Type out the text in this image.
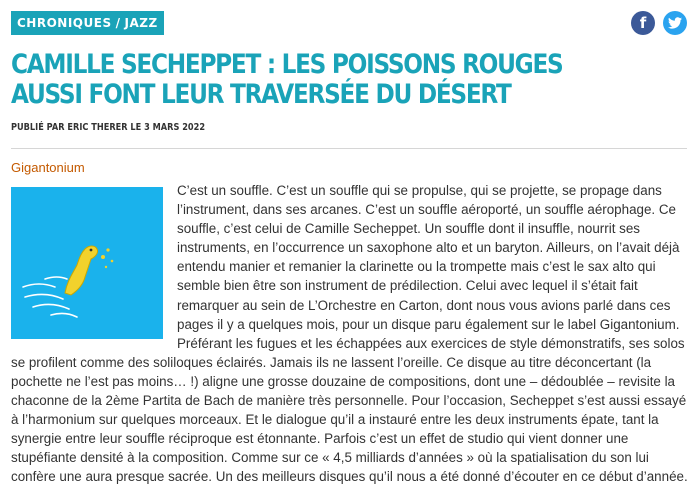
CHRONIQUES / JAZZ	f
CAMILLE SECHEPPET : LES POISSONS ROUGES AUSSI FONT LEUR TRAVERSÉE DU DÉSERT
PUBLIÉ PAR ERIC THERER LE 3 MARS 2022
Gigantonium

C’est un souffle. C’est un souffle qui se propulse, qui se projette, se propage dans l’instrument, dans ses arcanes. C’est un souffle aéroporté, un souffle aérophage. Ce souffle, c’est celui de Camille Secheppet. Un souffle dont il insuffle, nourrit ses instruments, en l’occurrence un saxophone alto et un baryton. Ailleurs, on l’avait déjà entendu manier et remanier la clarinette ou la trompette mais c’est le sax alto qui semble bien être son instrument de prédilection. Celui avec lequel il s’était fait remarquer au sein de L’Orchestre en Carton, dont nous vous avions parlé dans ces pages il y a quelques mois, pour un disque paru également sur le label Gigantonium. Préférant les fugues et les échappées aux exercices de style démonstratifs, ses solos se profilent comme des soliloques éclairés. Jamais ils ne lassent l’oreille. Ce disque au titre déconcertant (la pochette ne l’est pas moins… !) aligne une grosse douzaine de compositions, dont une – dédoublée – revisite la chaconne de la 2ème Partita de Bach de manière très personnelle. Pour l’occasion, Secheppet s’est aussi essayé à l’harmonium sur quelques morceaux. Et le dialogue qu’il a instauré entre les deux instruments épate, tant la synergie entre leur souffle réciproque est étonnante. Parfois c’est un effet de studio qui vient donner une stupéfiante densité à la composition. Comme sur ce « 4,5 milliards d’années » où la spatialisation du son lui confère une aura presque sacrée. Un des meilleurs disques qu’il nous a été donné d’écouter en ce début d’année.
